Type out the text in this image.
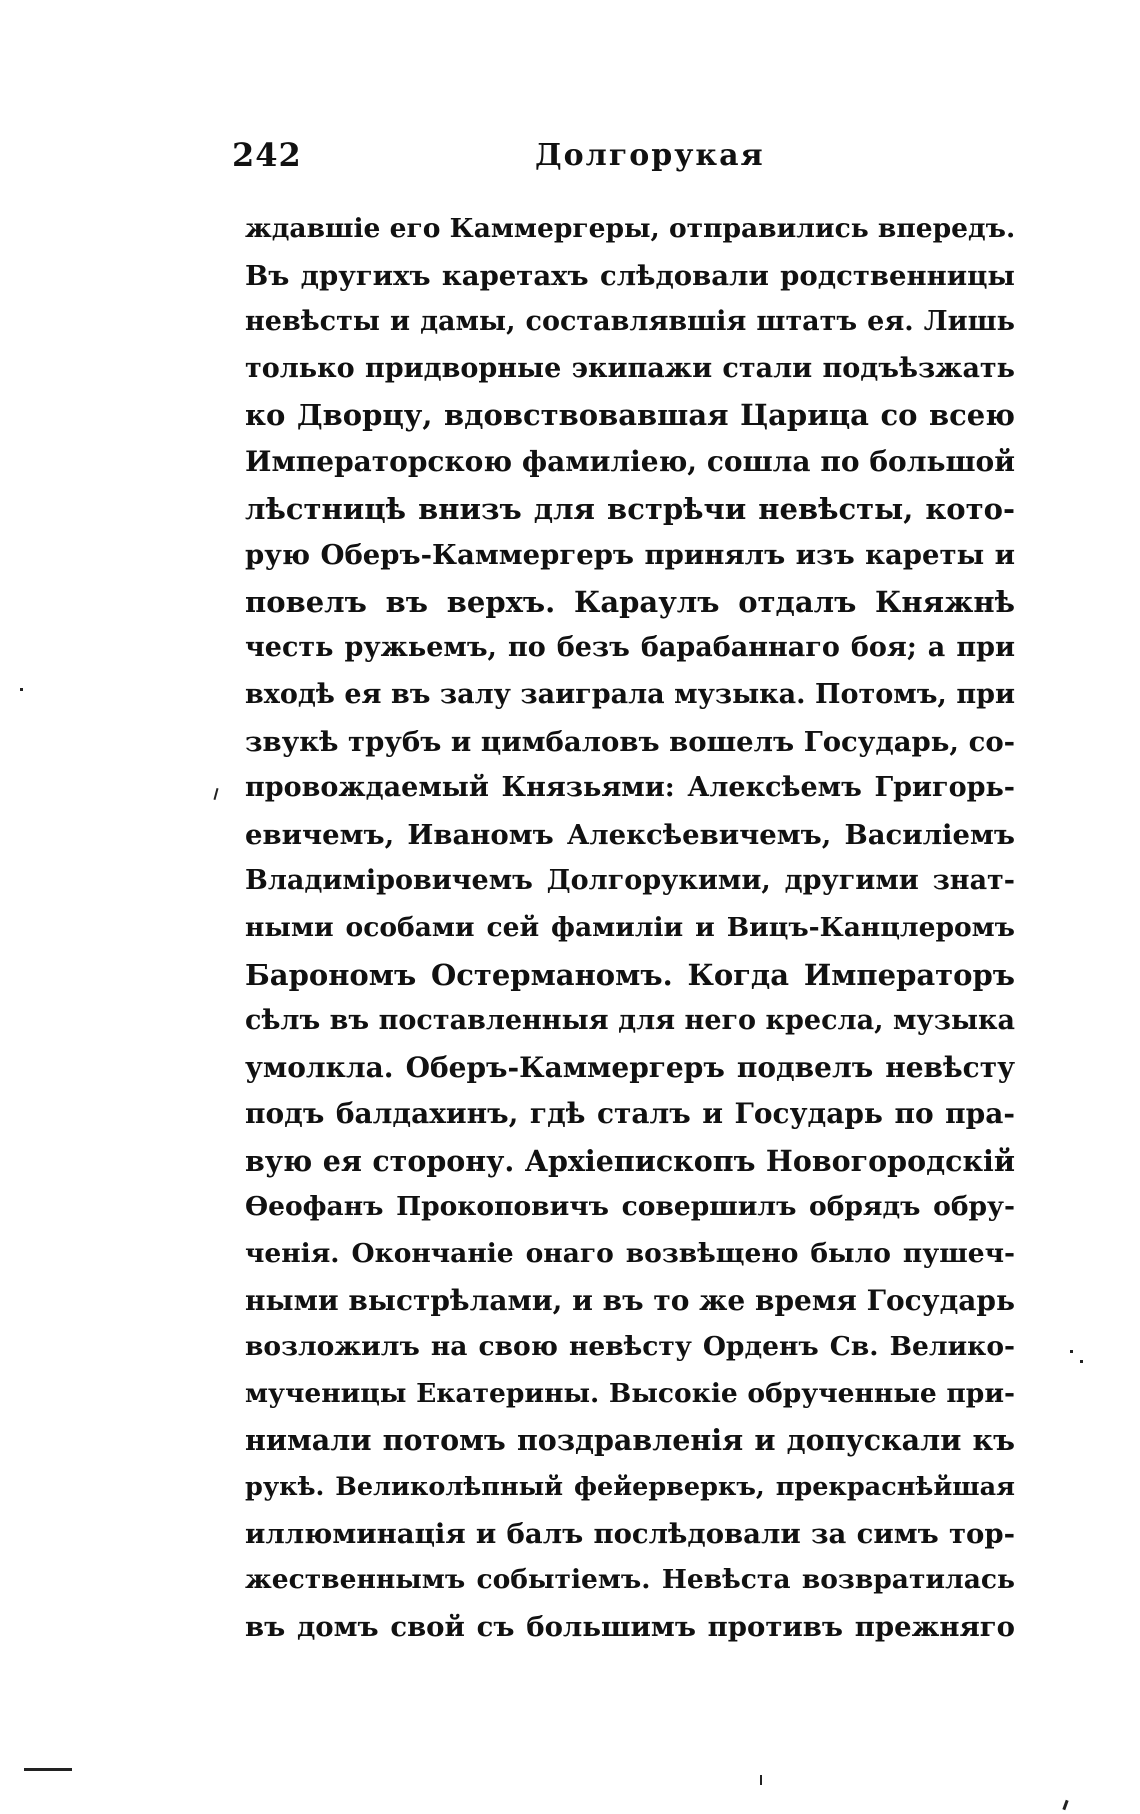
242	Долгорукая
ждавшіе его Каммергеры, отправились впередъ.
Въ другихъ каретахъ слѣдовали родственницы
невѣсты и дамы, составлявшія штатъ ея. Лишь
только придворные экипажи стали подъѣзжать
ко Дворцу, вдовствовавшая Царица со всею
Императорскою фамиліею, сошла по большой
лѣстницѣ внизъ для встрѣчи невѣсты, кото-
рую Оберъ-Каммергеръ принялъ изъ кареты и
повелъ въ верхъ. Караулъ отдалъ Княжнѣ
честь ружьемъ, по безъ барабаннаго боя; а при
входѣ ея въ залу заиграла музыка. Потомъ, при
звукѣ трубъ и цимбаловъ вошелъ Государь, со-
провождаемый Князьями: Алексѣемъ Григорь-
евичемъ, Иваномъ Алексѣевичемъ, Василіемъ
Владиміровичемъ Долгорукими, другими знат-
ными особами сей фамиліи и Вицъ-Канцлеромъ
Барономъ Остерманомъ. Когда Императоръ
сѣлъ въ поставленныя для него кресла, музыка
умолкла. Оберъ-Каммергеръ подвелъ невѣсту
подъ балдахинъ, гдѣ сталъ и Государь по пра-
вую ея сторону. Архіепископъ Новогородскій
Ѳеофанъ Прокоповичъ совершилъ обрядъ обру-
ченія. Окончаніе онаго возвѣщено было пушеч-
ными выстрѣлами, и въ то же время Государь
возложилъ на свою невѣсту Орденъ Св. Велико-
мученицы Екатерины. Высокіе обрученные при-
нимали потомъ поздравленія и допускали къ
рукѣ. Великолѣпный фейерверкъ, прекраснѣйшая
иллюминація и балъ послѣдовали за симъ тор-
жественнымъ событіемъ. Невѣста возвратилась
въ домъ свой съ большимъ противъ прежняго
